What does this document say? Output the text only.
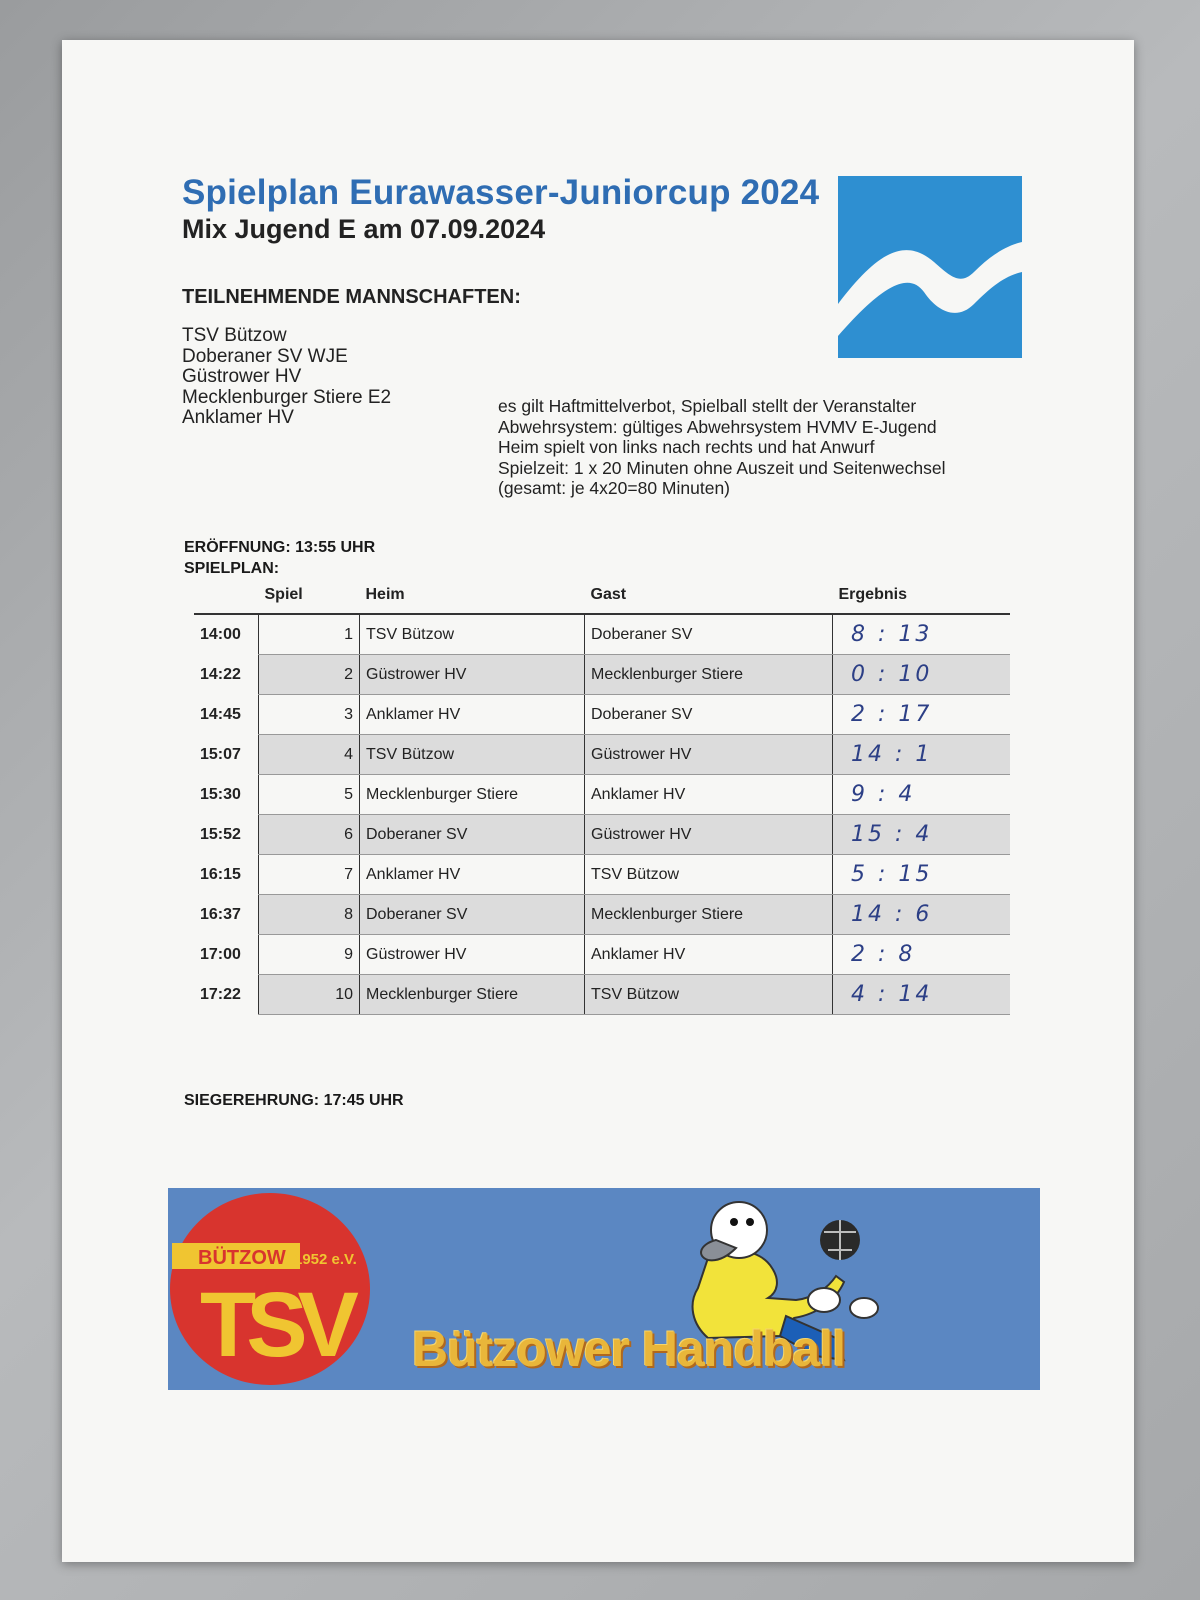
Spielplan Eurawasser-Juniorcup 2024
Mix Jugend E am 07.09.2024
TEILNEHMENDE MANNSCHAFTEN:
TSV Bützow
Doberaner SV WJE
Güstrower HV
Mecklenburger Stiere E2
Anklamer HV
es gilt Haftmittelverbot, Spielball stellt der Veranstalter
Abwehrsystem: gültiges Abwehrsystem HVMV E-Jugend
Heim spielt von links nach rechts und hat Anwurf
Spielzeit: 1 x 20 Minuten ohne Auszeit und Seitenwechsel
(gesamt: je 4x20=80 Minuten)
ERÖFFNUNG: 13:55 UHR
SPIELPLAN:
	Spiel	Heim	Gast	Ergebnis
14:00	1	TSV Bützow	Doberaner SV	8 : 13
14:22	2	Güstrower HV	Mecklenburger Stiere	0 : 10
14:45	3	Anklamer HV	Doberaner SV	2 : 17
15:07	4	TSV Bützow	Güstrower HV	14 : 1
15:30	5	Mecklenburger Stiere	Anklamer HV	9 : 4
15:52	6	Doberaner SV	Güstrower HV	15 : 4
16:15	7	Anklamer HV	TSV Bützow	5 : 15
16:37	8	Doberaner SV	Mecklenburger Stiere	14 : 6
17:00	9	Güstrower HV	Anklamer HV	2 : 8
17:22	10	Mecklenburger Stiere	TSV Bützow	4 : 14
SIEGEREHRUNG: 17:45 UHR
BÜTZOW 1952 e.V.
TSV Bützower Handball
